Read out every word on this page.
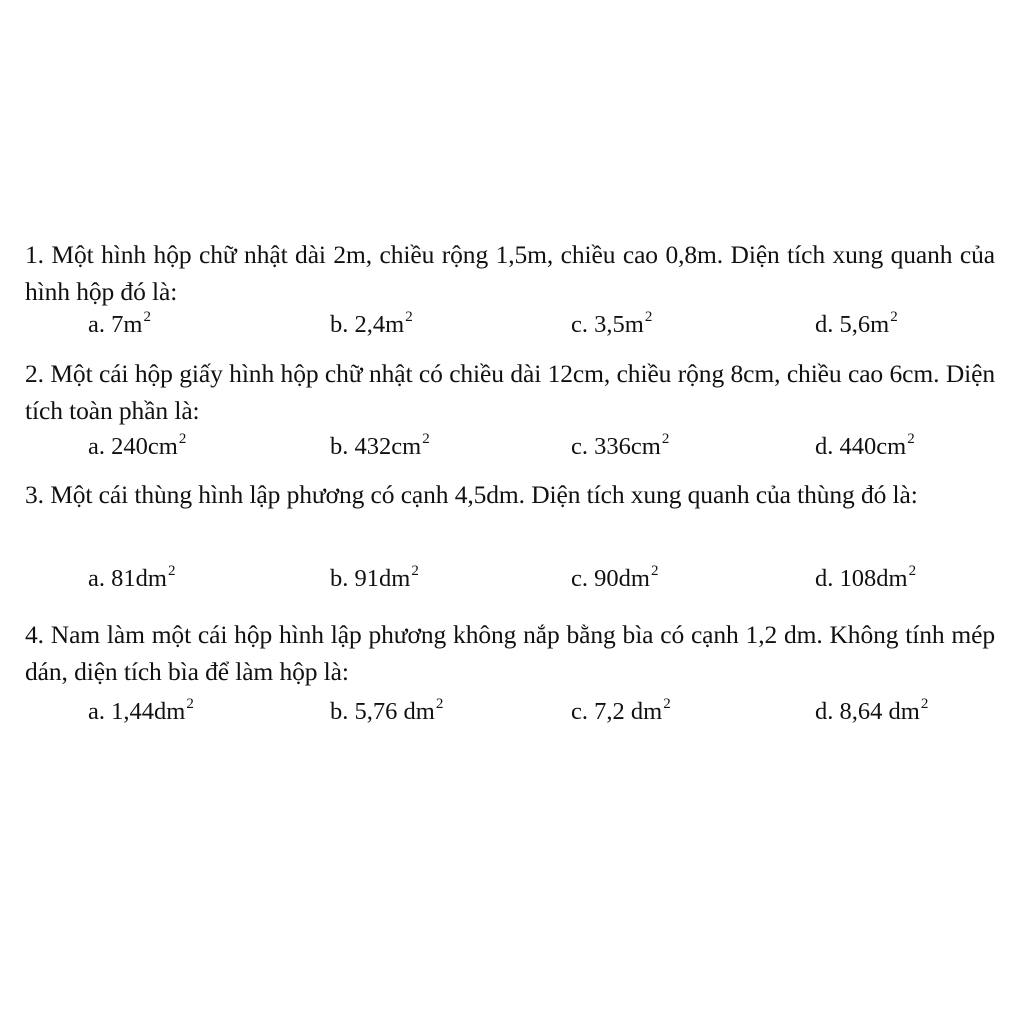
1. Một hình hộp chữ nhật dài 2m, chiều rộng 1,5m, chiều cao 0,8m. Diện tích xung quanh của hình hộp đó là:
a. $7m^2$	b. $2,4m^2$	c. $3,5m^2$	d. $5,6m^2$
2. Một cái hộp giấy hình hộp chữ nhật có chiều dài 12cm, chiều rộng 8cm, chiều cao 6cm. Diện tích toàn phần là:
a. $240cm^2$	b. $432cm^2$	c. $336cm^2$	d. $440cm^2$
3. Một cái thùng hình lập phương có cạnh 4,5dm. Diện tích xung quanh của thùng đó là:
a. $81dm^2$	b. $91dm^2$	c. $90dm^2$	d. $108dm^2$
4. Nam làm một cái hộp hình lập phương không nắp bằng bìa có cạnh 1,2 dm. Không tính mép dán, diện tích bìa để làm hộp là:
a. $1,44dm^2$	b. 5,76 $dm^2$	c. 7,2 $dm^2$	d. 8,64 $dm^2$
